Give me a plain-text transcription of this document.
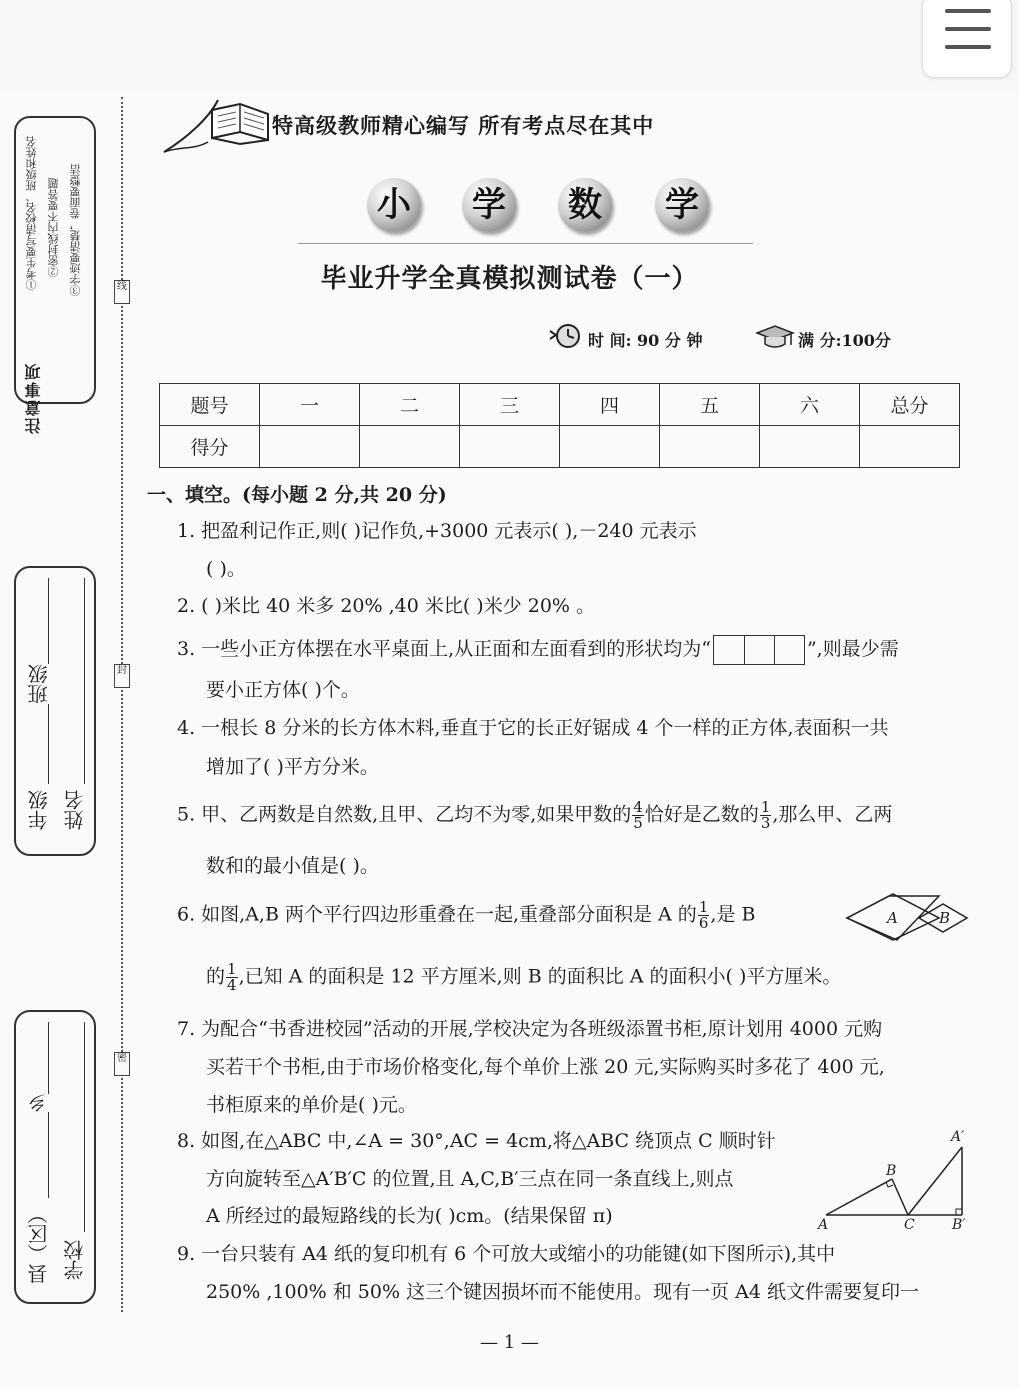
注意事项
①考生要写清校名、班级和姓名 ②密封线内不要答题 ③字迹要清楚，卷面要整洁
年级 姓名
班级
县（区）
乡
学校
线
封
密
特高级教师精心编写 所有考点尽在其中
小 学 数 学
毕业升学全真模拟测试卷（一）
时 间: 90 分 钟	满 分:100分
题号	一	二	三	四	五	六	总分
得分							
一、填空。(每小题 2 分,共 20 分)
1. 把盈利记作正,则( )记作负,+3000 元表示( ),－240 元表示
( )。
2. ( )米比 40 米多 20% ,40 米比( )米少 20% 。
3. 一些小正方体摆在水平桌面上,从正面和左面看到的形状均为“	”,则最少需
要小正方体( )个。
4. 一根长 8 分米的长方体木料,垂直于它的长正好锯成 4 个一样的正方体,表面积一共
增加了( )平方分米。
5. 甲、乙两数是自然数,且甲、乙均不为零,如果甲数的 $\frac{4}{5}$ 恰好是乙数的 $\frac{1}{3}$ ,那么甲、乙两
数和的最小值是( )。
6. 如图,A,B 两个平行四边形重叠在一起,重叠部分面积是 A 的 $\frac{1}{6}$ ,是 B	A	B
的 $\frac{1}{4}$ ,已知 A 的面积是 12 平方厘米,则 B 的面积比 A 的面积小( )平方厘米。
7. 为配合“书香进校园”活动的开展,学校决定为各班级添置书柜,原计划用 4000 元购
买若干个书柜,由于市场价格变化,每个单价上涨 20 元,实际购买时多花了 400 元,
书柜原来的单价是( )元。
8. 如图,在△ABC 中,∠A = 30°,AC = 4cm,将△ABC 绕顶点 C 顺时针
方向旋转至△A′B′C 的位置,且 A,C,B′三点在同一条直线上,则点
A 所经过的最短路线的长为( )cm。(结果保留 π)	A
B
C
A′
B′
9. 一台只装有 A4 纸的复印机有 6 个可放大或缩小的功能键(如下图所示),其中
250% ,100% 和 50% 这三个键因损坏而不能使用。现有一页 A4 纸文件需要复印一
— 1 —
